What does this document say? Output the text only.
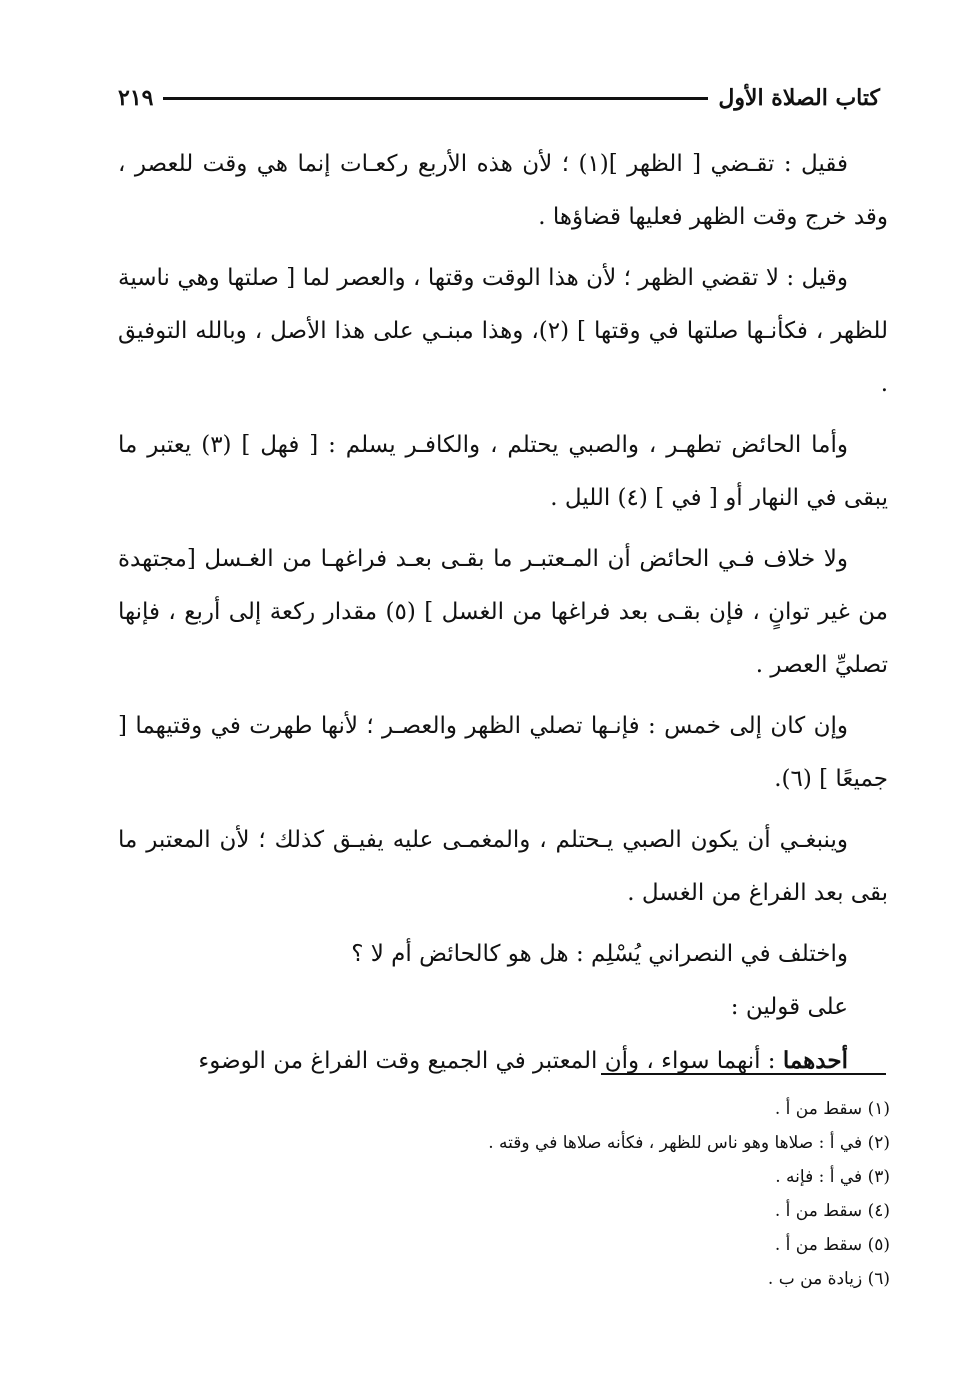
كتاب الصلاة الأول
٢١٩

فقيل : تقـضي [ الظهر ](١) ؛ لأن هذه الأربع ركعـات إنما هي وقت للعصر ، وقد خرج وقت الظهر فعليها قضاؤها .

وقيل : لا تقضي الظهر ؛ لأن هذا الوقت وقتها ، والعصر لما [ صلتها وهي ناسية للظهر ، فكأنـها صلتها في وقتها ] (٢)، وهذا مبنـي على هذا الأصل ، وبالله التوفيق .

وأما الحائض تطهـر ، والصبي يحتلم ، والكافـر يسلم : [ فهل ] (٣) يعتبر ما يبقى في النهار أو [ في ] (٤) الليل .

ولا خلاف فـي الحائض أن المـعتبـر ما بقـى بعـد فراغهـا من الغـسل [مجتهدة من غير توانٍ ، فإن بقـى بعد فراغها من الغسل ] (٥) مقدار ركعة إلى أربع ، فإنها تصليِّ العصر .

وإن كان إلى خمس : فإنـها تصلي الظهر والعصـر ؛ لأنها طهرت في وقتيهما [ جميعًا ] (٦).

وينبغـي أن يكون الصبي يـحتلم ، والمغمـى عليه يفيـق كذلك ؛ لأن المعتبر ما بقى بعد الفراغ من الغسل .

واختلف في النصراني يُسْلِم : هل هو كالحائض أم لا ؟

على قولين :

أحدهما : أنهما سواء ، وأن المعتبر في الجميع وقت الفراغ من الوضوء

(١) سقط من أ .
(٢) في أ : صلاها وهو ناس للظهر ، فكأنه صلاها في وقته .
(٣) في أ : فإنه .
(٤) سقط من أ .
(٥) سقط من أ .
(٦) زيادة من ب .
